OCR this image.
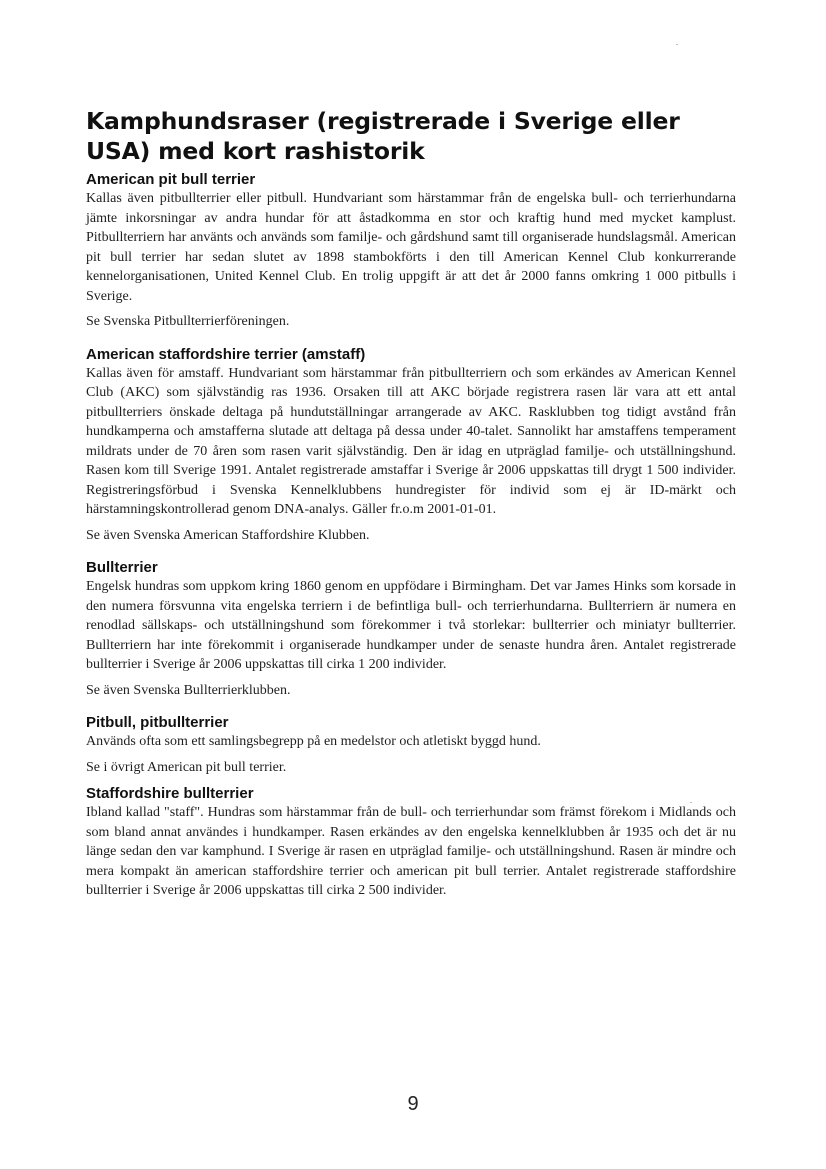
Kamphundsraser (registrerade i Sverige eller USA) med kort rashistorik
American pit bull terrier

Kallas även pitbullterrier eller pitbull. Hundvariant som härstammar från de engelska bull- och terrierhundarna jämte inkorsningar av andra hundar för att åstadkomma en stor och kraftig hund med mycket kamplust. Pitbullterriern har använts och används som familje- och gårdshund samt till organiserade hundslagsmål. American pit bull terrier har sedan slutet av 1898 stambokförts i den till American Kennel Club konkurrerande kennelorganisationen, United Kennel Club. En trolig uppgift är att det år 2000 fanns omkring 1 000 pitbulls i Sverige.

Se Svenska Pitbullterrierföreningen.

American staffordshire terrier (amstaff)

Kallas även för amstaff. Hundvariant som härstammar från pitbullterriern och som erkändes av American Kennel Club (AKC) som självständig ras 1936. Orsaken till att AKC började registrera rasen lär vara att ett antal pitbullterriers önskade deltaga på hundutställningar arrangerade av AKC. Rasklubben tog tidigt avstånd från hundkamperna och amstafferna slutade att deltaga på dessa under 40-talet. Sannolikt har amstaffens temperament mildrats under de 70 åren som rasen varit självständig. Den är idag en utpräglad familje- och utställningshund. Rasen kom till Sverige 1991. Antalet registrerade amstaffar i Sverige år 2006 uppskattas till drygt 1 500 individer. Registreringsförbud i Svenska Kennelklubbens hundregister för individ som ej är ID-märkt och härstamningskontrollerad genom DNA-analys. Gäller fr.o.m 2001-01-01.

Se även Svenska American Staffordshire Klubben.

Bullterrier

Engelsk hundras som uppkom kring 1860 genom en uppfödare i Birmingham. Det var James Hinks som korsade in den numera försvunna vita engelska terriern i de befintliga bull- och terrierhundarna. Bullterriern är numera en renodlad sällskaps- och utställningshund som förekommer i två storlekar: bullterrier och miniatyr bullterrier. Bullterriern har inte förekommit i organiserade hundkamper under de senaste hundra åren. Antalet registrerade bullterrier i Sverige år 2006 uppskattas till cirka 1 200 individer.

Se även Svenska Bullterrierklubben.

Pitbull, pitbullterrier

Används ofta som ett samlingsbegrepp på en medelstor och atletiskt byggd hund.

Se i övrigt American pit bull terrier.

Staffordshire bullterrier

Ibland kallad "staff". Hundras som härstammar från de bull- och terrierhundar som främst förekom i Midlands och som bland annat användes i hundkamper. Rasen erkändes av den engelska kennelklubben år 1935 och det är nu länge sedan den var kamphund. I Sverige är rasen en utpräglad familje- och utställningshund. Rasen är mindre och mera kompakt än american staffordshire terrier och american pit bull terrier. Antalet registrerade staffordshire bullterrier i Sverige år 2006 uppskattas till cirka 2 500 individer.

9
